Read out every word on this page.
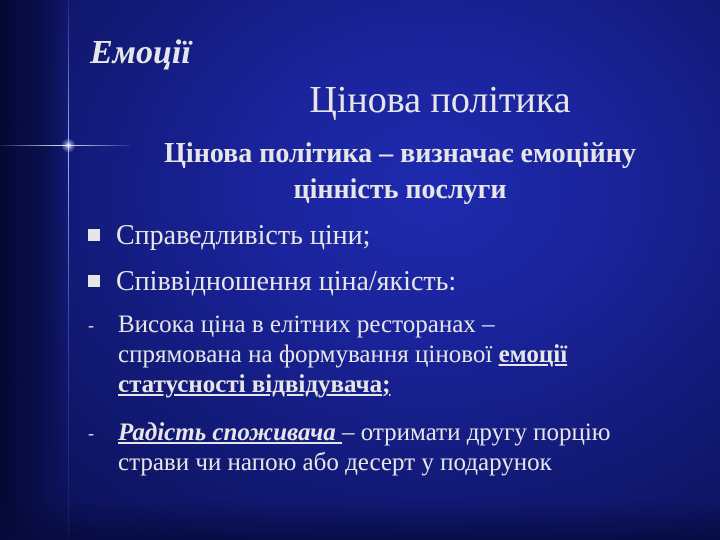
Емоції
Цінова політика
Цінова політика – визначає емоційну
цінність послуги
Справедливість ціни;
Співвідношення ціна/якість:
- Висока ціна в елітних ресторанах –
спрямована на формування цінової емоції
статусності відвідувача;
- Радість споживача – отримати другу порцію
страви чи напою або десерт у подарунок
